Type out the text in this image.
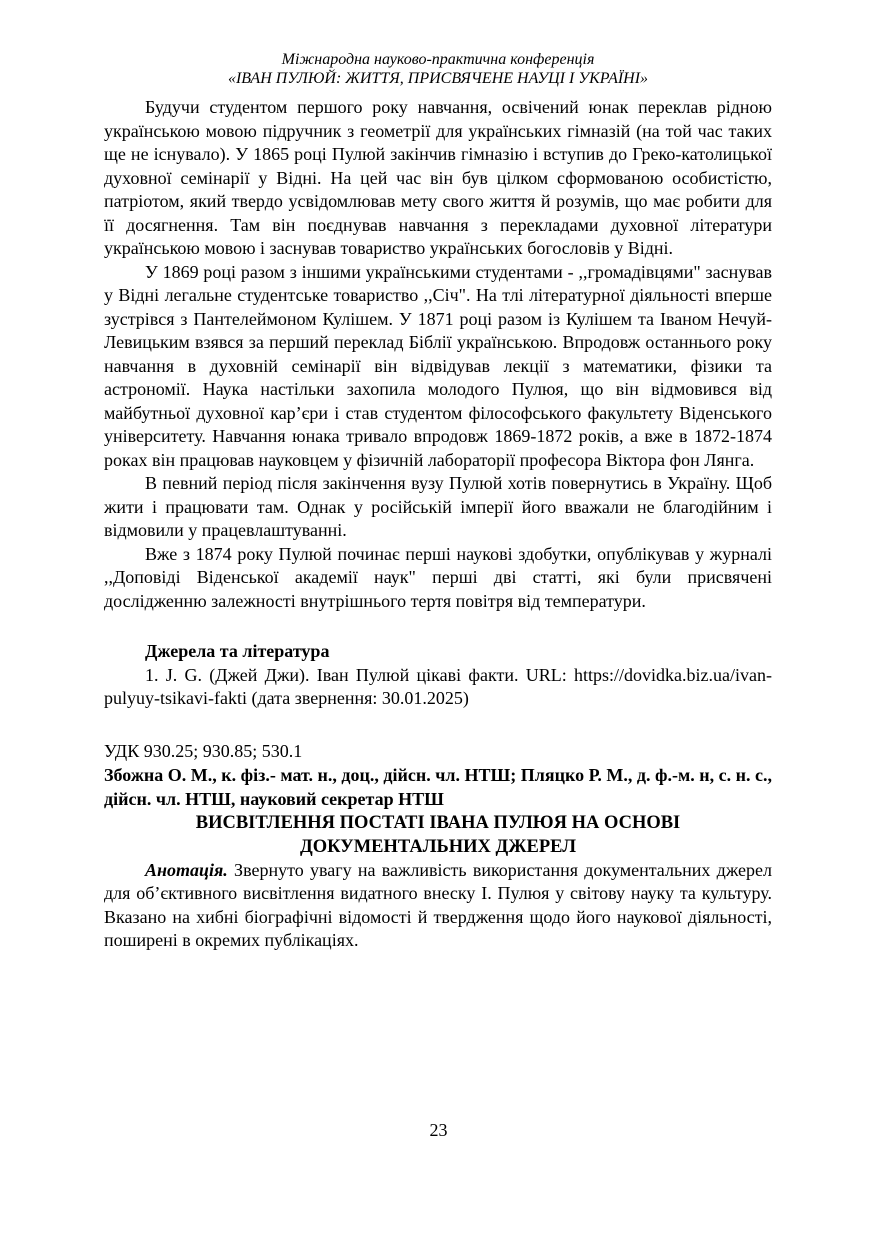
Міжнародна науково-практична конференція
«ІВАН ПУЛЮЙ: ЖИТТЯ, ПРИСВЯЧЕНЕ НАУЦІ І УКРАЇНІ»

Будучи студентом першого року навчання, освічений юнак переклав рідною українською мовою підручник з геометрії для українських гімназій (на той час таких ще не існувало). У 1865 році Пулюй закінчив гімназію і вступив до Греко-католицької духовної семінарії у Відні. На цей час він був цілком сформованою особистістю, патріотом, який твердо усвідомлював мету свого життя й розумів, що має робити для її досягнення. Там він поєднував навчання з перекладами духовної літератури українською мовою і заснував товариство українських богословів у Відні.

У 1869 році разом з іншими українськими студентами - ,,громадівцями" заснував у Відні легальне студентське товариство ,,Січ". На тлі літературної діяльності вперше зустрівся з Пантелеймоном Кулішем. У 1871 році разом із Кулішем та Іваном Нечуй-Левицьким взявся за перший переклад Біблії українською. Впродовж останнього року навчання в духовній семінарії він відвідував лекції з математики, фізики та астрономії. Наука настільки захопила молодого Пулюя, що він відмовився від майбутньої духовної кар’єри і став студентом філософського факультету Віденського університету. Навчання юнака тривало впродовж 1869-1872 років, а вже в 1872-1874 роках він працював науковцем у фізичній лабораторії професора Віктора фон Лянга.

В певний період після закінчення вузу Пулюй хотів повернутись в Україну. Щоб жити і працювати там. Однак у російській імперії його вважали не благодійним і відмовили у працевлаштуванні.

Вже з 1874 року Пулюй починає перші наукові здобутки, опублікував у журналі ,,Доповіді Віденської академії наук" перші дві статті, які були присвячені дослідженню залежності внутрішнього тертя повітря від температури.

Джерела та література
1. J. G. (Джей Джи). Іван Пулюй цікаві факти. URL: https://dovidka.biz.ua/ivan-pulyuy-tsikavi-fakti (дата звернення: 30.01.2025)
УДК 930.25; 930.85; 530.1
Збожна О. М., к. фіз.- мат. н., доц., дійсн. чл. НТШ; Пляцко Р. М., д. ф.-м. н, с. н. с., дійсн. чл. НТШ, науковий секретар НТШ
ВИСВІТЛЕННЯ ПОСТАТІ ІВАНА ПУЛЮЯ НА ОСНОВІ
ДОКУМЕНТАЛЬНИХ ДЖЕРЕЛ

Анотація. Звернуто увагу на важливість використання документальних джерел для об’єктивного висвітлення видатного внеску І. Пулюя у світову науку та культуру. Вказано на хибні біографічні відомості й твердження щодо його наукової діяльності, поширені в окремих публікаціях.

23
